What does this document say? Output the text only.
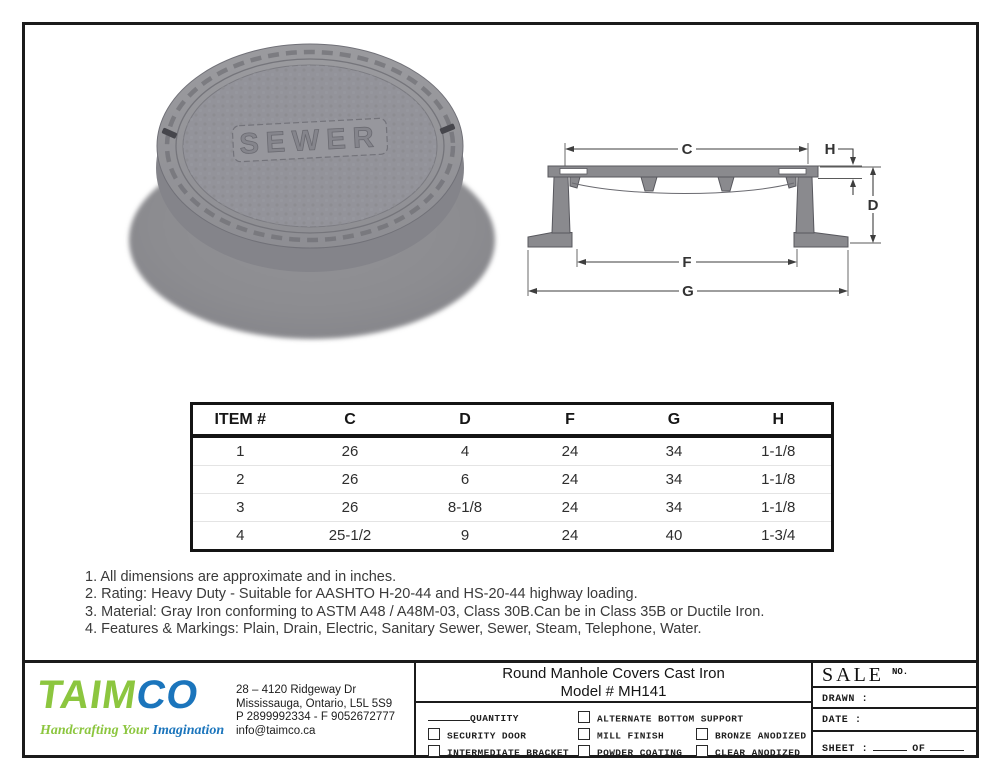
SEWER	C	H
D
F
G
ITEM #	C	D	F	G	H
1	26	4	24	34	1-1/8
2	26	6	24	34	1-1/8
3	26	8-1/8	24	34	1-1/8
4	25-1/2	9	24	40	1-3/4
1. All dimensions are approximate and in inches.
2. Rating: Heavy Duty - Suitable for AASHTO H-20-44 and HS-20-44 highway loading.
3. Material: Gray Iron conforming to ASTM A48 / A48M-03, Class 30B.Can be in Class 35B or Ductile Iron.
4. Features & Markings: Plain, Drain, Electric, Sanitary Sewer, Sewer, Steam, Telephone, Water.
TAIMCO
Handcrafting Your Imagination
28 – 4120 Ridgeway Dr
Mississauga, Ontario, L5L 5S9
P 2899992334 - F 9052672777
info@taimco.ca
Round Manhole Covers Cast Iron
Model # MH141
QUANTITY	ALTERNATE BOTTOM SUPPORT
SECURITY DOOR	MILL FINISH	BRONZE ANODIZED
INTERMEDIATE BRACKET	POWDER COATING	CLEAR ANODIZED
SALE NO.
DRAWN :
DATE :
SHEET :	OF
